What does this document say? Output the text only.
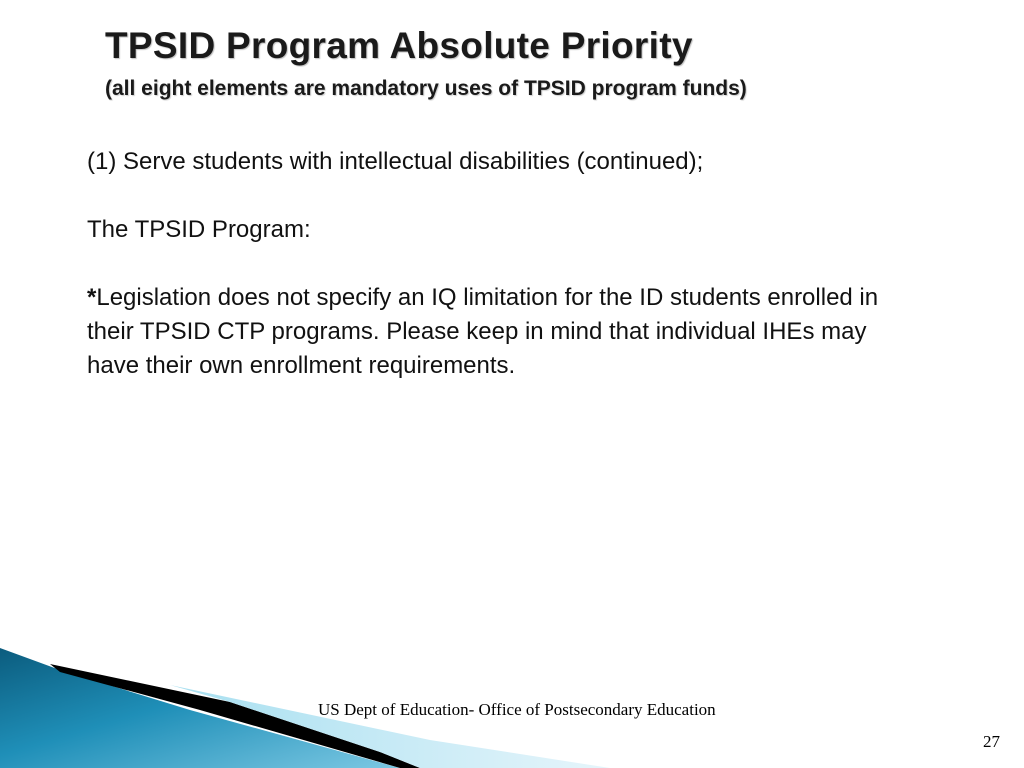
TPSID Program Absolute Priority
(all eight elements are mandatory uses of TPSID program funds)

(1) Serve students with intellectual disabilities (continued);

The TPSID Program:

*Legislation does not specify an IQ limitation for the ID students enrolled in their TPSID CTP programs. Please keep in mind that individual IHEs may have their own enrollment requirements.

US Dept of Education- Office of Postsecondary Education
27
